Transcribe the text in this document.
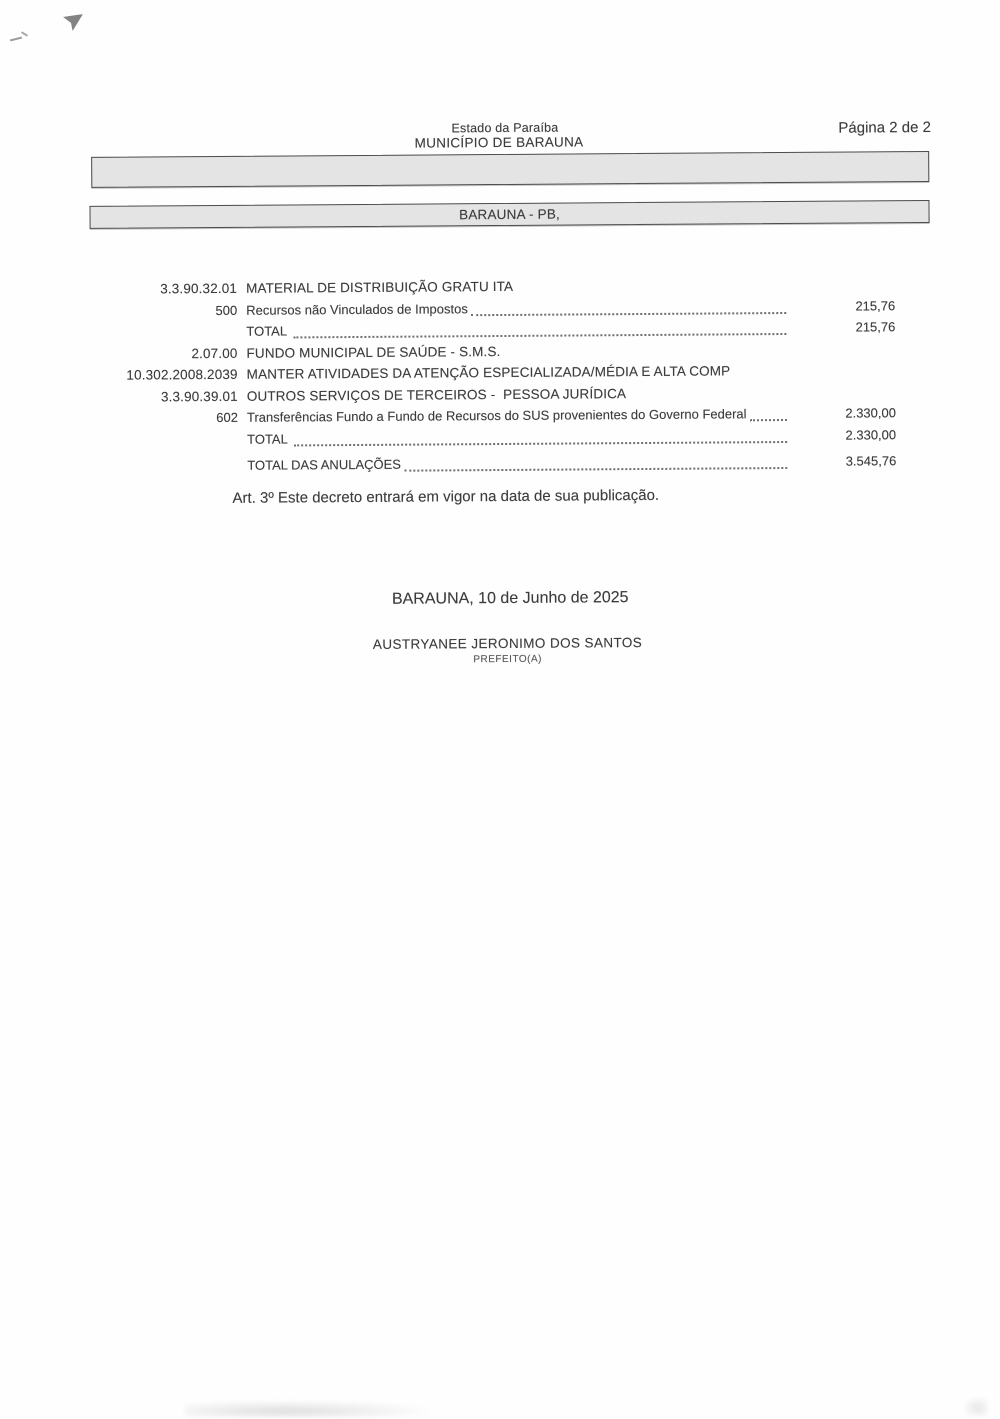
Estado da Paraíba
MUNICÍPIO DE BARAUNA
Página 2 de 2
BARAUNA - PB,
3.3.90.32.01 MATERIAL DE DISTRIBUIÇÃO GRATU ITA
500 Recursos não Vinculados de Impostos	215,76
TOTAL	215,76
2.07.00 FUNDO MUNICIPAL DE SAÚDE - S.M.S.
10.302.2008.2039 MANTER ATIVIDADES DA ATENÇÃO ESPECIALIZADA/MÉDIA E ALTA COMP
3.3.90.39.01 OUTROS SERVIÇOS DE TERCEIROS -  PESSOA JURÍDICA
602 Transferências Fundo a Fundo de Recursos do SUS provenientes do Governo Federal	2.330,00
TOTAL	2.330,00
TOTAL DAS ANULAÇÕES	3.545,76
Art. 3º Este decreto entrará em vigor na data de sua publicação.
BARAUNA, 10 de Junho de 2025
AUSTRYANEE JERONIMO DOS SANTOS
PREFEITO(A)
